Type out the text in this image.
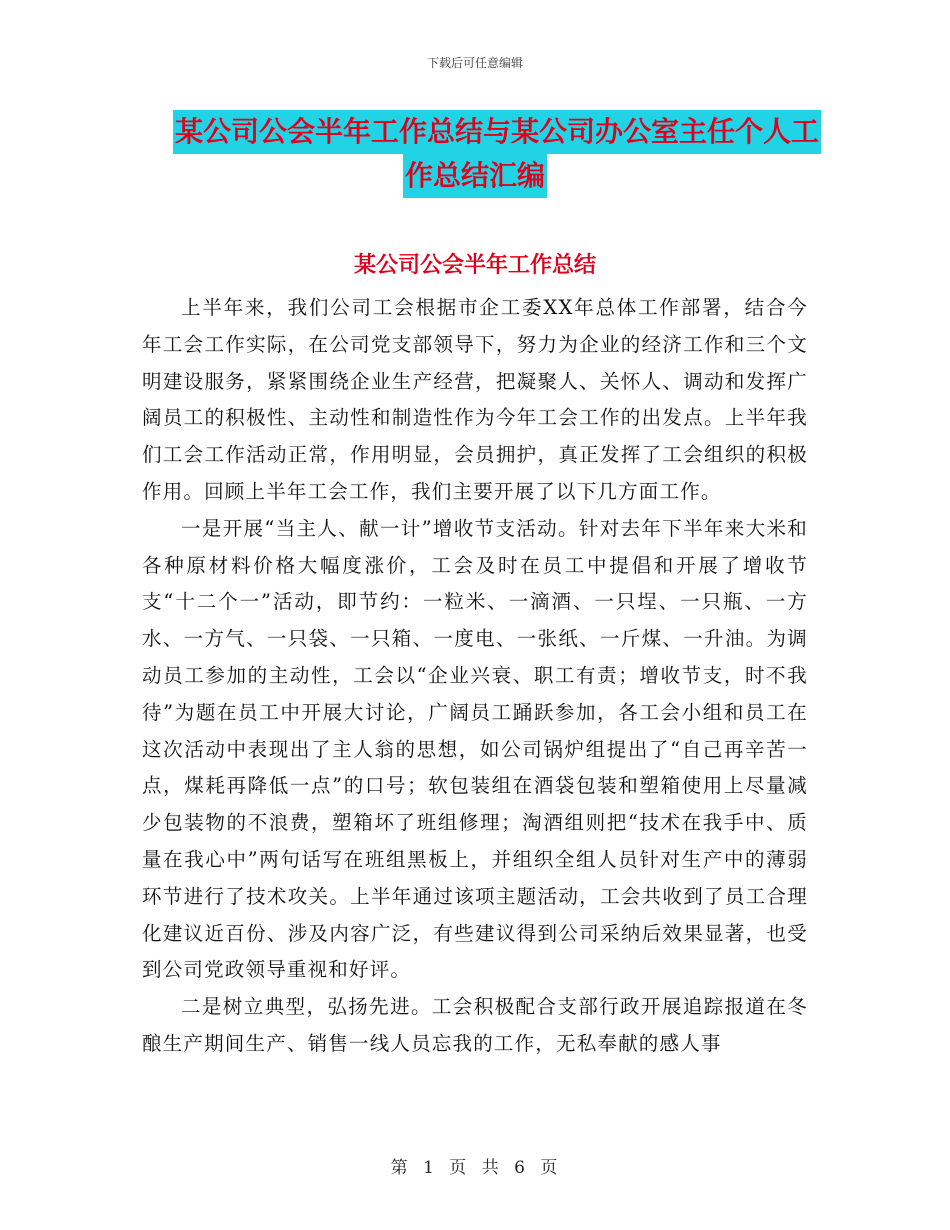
下载后可任意编辑
某公司公会半年工作总结与某公司办公室主任个人工
作总结汇编
某公司公会半年工作总结

上半年来，我们公司工会根据市企工委XX年总体工作部署，结合今年工会工作实际，在公司党支部领导下，努力为企业的经济工作和三个文明建设服务，紧紧围绕企业生产经营，把凝聚人、关怀人、调动和发挥广阔员工的积极性、主动性和制造性作为今年工会工作的出发点。上半年我们工会工作活动正常，作用明显，会员拥护，真正发挥了工会组织的积极作用。回顾上半年工会工作，我们主要开展了以下几方面工作。

一是开展“当主人、献一计”增收节支活动。针对去年下半年来大米和各种原材料价格大幅度涨价，工会及时在员工中提倡和开展了增收节支“十二个一”活动，即节约：一粒米、一滴酒、一只埕、一只瓶、一方水、一方气、一只袋、一只箱、一度电、一张纸、一斤煤、一升油。为调动员工参加的主动性，工会以“企业兴衰、职工有责；增收节支，时不我待”为题在员工中开展大讨论，广阔员工踊跃参加，各工会小组和员工在这次活动中表现出了主人翁的思想，如公司锅炉组提出了“自己再辛苦一点，煤耗再降低一点”的口号；软包装组在酒袋包装和塑箱使用上尽量减少包装物的不浪费，塑箱坏了班组修理；淘酒组则把“技术在我手中、质量在我心中”两句话写在班组黑板上，并组织全组人员针对生产中的薄弱环节进行了技术攻关。上半年通过该项主题活动，工会共收到了员工合理化建议近百份、涉及内容广泛，有些建议得到公司采纳后效果显著，也受到公司党政领导重视和好评。

二是树立典型，弘扬先进。工会积极配合支部行政开展追踪报道在冬酿生产期间生产、销售一线人员忘我的工作，无私奉献的感人事

第 1 页 共 6 页
